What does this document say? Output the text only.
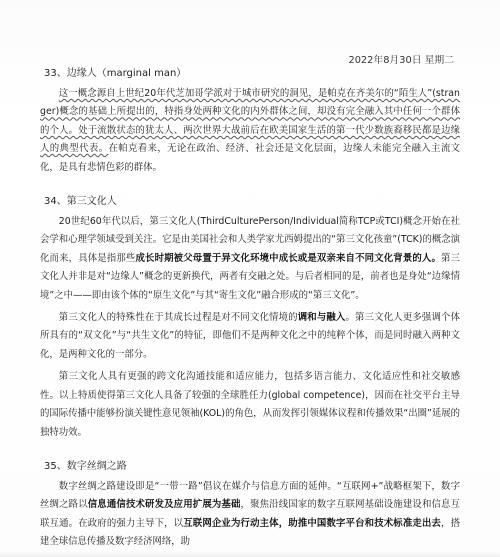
2022年8月30日 星期二
33、边缘人（marginal man）

这一概念源自上世纪20年代芝加哥学派对于城市研究的洞见，是帕克在齐美尔的“陌生人”(stranger)概念的基础上所提出的，特指身处两种文化的内外群体之间，却没有完全融入其中任何一个群体的个人。处于流散状态的犹太人、两次世界大战前后在欧美国家生活的第一代少数族裔移民都是边缘人的典型代表。在帕克看来，无论在政治、经济、社会还是文化层面，边缘人未能完全融入主流文化，是具有悲情色彩的群体。

34、第三文化人

20世纪60年代以后，第三文化人(ThirdCulturePerson/Individual简称TCP或TCI)概念开始在社会学和心理学领域受到关注。它是由美国社会和人类学家尤西姆提出的“第三文化孩童”(TCK)的概念演化而来，具体是指那些成长时期被父母置于异文化环境中成长或是双亲来自不同文化背景的人。第三文化人并非是对“边缘人”概念的更新换代，两者有交融之处。与后者相同的是，前者也是身处“边缘情境”之中——即由该个体的“原生文化”与其“寄生文化”融合形成的“第三文化”。

第三文化人的特殊性在于其成长过程是对不同文化情境的调和与融入。第三文化人更多强调个体所具有的“双文化”与“共生文化”的特征，即他们不是两种文化之中的纯粹个体，而是同时融入两种文化，是两种文化的一部分。

第三文化人具有更强的跨文化沟通技能和适应能力，包括多语言能力、文化适应性和社交敏感性。以上特质使得第三文化人具备了较强的全球胜任力(global competence)，因而在社交平台主导的国际传播中能够扮演关键性意见领袖(KOL)的角色，从而发挥引领媒体议程和传播效果“出圈”延展的独特功效。

35、数字丝绸之路

数字丝绸之路建设即是“一带一路”倡议在媒介与信息方面的延伸。“互联网+”战略框架下，数字丝绸之路以信息通信技术研发及应用扩展为基础，聚焦沿线国家的数字互联网基础设施建设和信息互联互通。在政府的强力主导下，以互联网企业为行动主体，助推中国数字平台和技术标准走出去，搭建全球信息传播及数字经济网络，助
